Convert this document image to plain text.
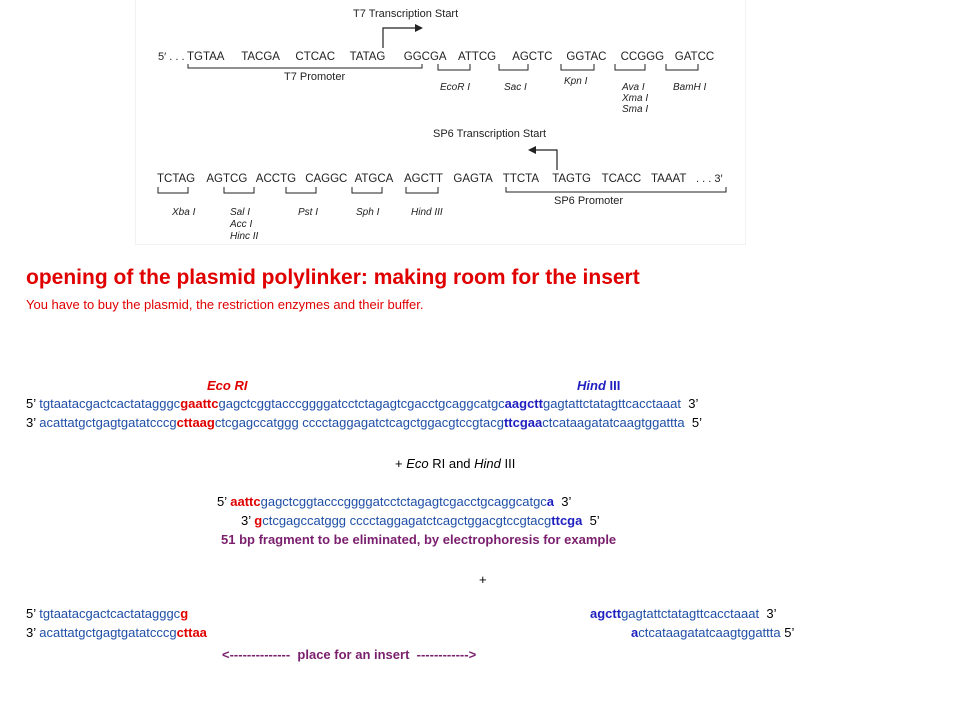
T7 Transcription Start
5′ . . . TGTAA TACGA CTCAC TATAG GGCGA ATTCG AGCTC GGTAC CCGGG GATCC
T7 Promoter
EcoR I	Sac I
Kpn I
Ava I
Xma I
Sma I
BamH I
SP6 Transcription Start
TCTAG AGTCG ACCTG CAGGC ATGCA AGCTT GAGTA TTCTA TAGTG TCACC TAAAT . . . 3′
Xba I	Sal I
Acc I
Hinc II
Pst I	Sph I	Hind III
SP6 Promoter
opening of the plasmid polylinker: making room for the insert
You have to buy the plasmid, the restriction enzymes and their buffer.
Eco RI	Hind III
5’ tgtaatacgactcactatagggcgaattcgagctcggtacccggggatcctctagagtcgacctgcaggcatgcaagcttgagtattctatagttcacctaaat  3’
3’ acattatgctgagtgatatcccgcttaagctcgagccatggg cccctaggagatctcagctggacgtccgtacgttcgaactcataagatatcaagtggattta  5’
+ Eco RI and Hind III
5’ aattcgagctcggtacccggggatcctctagagtcgacctgcaggcatgca  3’
3’ gctcgagccatggg cccctaggagatctcagctggacgtccgtacgttcga  5’
51 bp fragment to be eliminated, by electrophoresis for example
+
5’ tgtaatacgactcactatagggcg	agcttgagtattctatagttcacctaaat  3’
3’ acattatgctgagtgatatcccgcttaa	actcataagatatcaagtggattta 5’
<--------------  place for an insert  ------------>
